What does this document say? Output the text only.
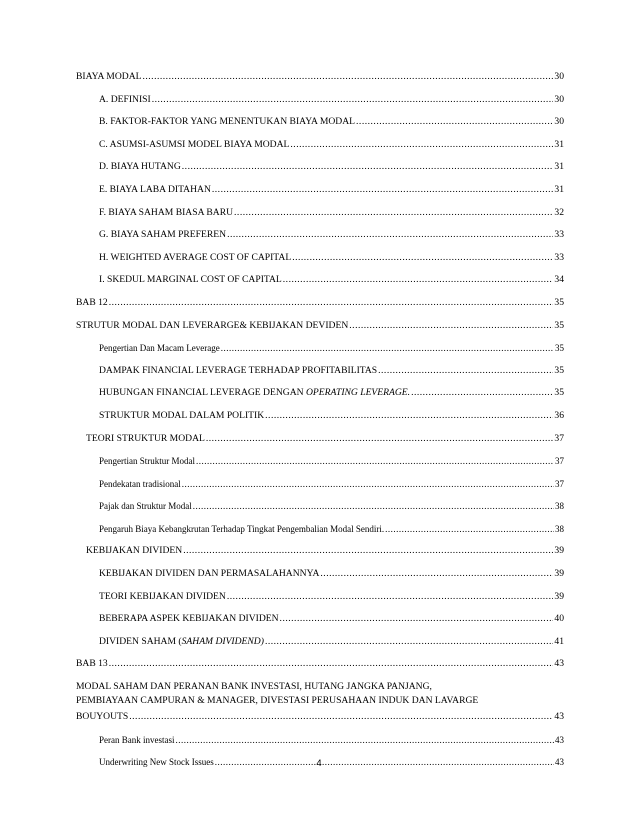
BIAYA MODAL .....	30
A. DEFINISI .....	30
B. FAKTOR-FAKTOR YANG MENENTUKAN BIAYA MODAL .....	30
C. ASUMSI-ASUMSI MODEL BIAYA MODAL .....	31
D. BIAYA HUTANG .....	31
E. BIAYA LABA DITAHAN .....	31
F. BIAYA SAHAM BIASA BARU .....	32
G. BIAYA SAHAM PREFEREN .....	33
H. WEIGHTED AVERAGE COST OF CAPITAL .....	33
I. SKEDUL MARGINAL COST OF CAPITAL .....	34
BAB 12 .....	35
STRUTUR MODAL DAN LEVERARGE& KEBIJAKAN DEVIDEN .....	35
Pengertian Dan Macam Leverage .....	35
DAMPAK FINANCIAL LEVERAGE TERHADAP PROFITABILITAS .....	35
HUBUNGAN FINANCIAL LEVERAGE DENGAN OPERATING LEVERAGE. .....	35
STRUKTUR MODAL DALAM POLITIK .....	36
TEORI STRUKTUR MODAL .....	37
Pengertian Struktur Modal .....	37
Pendekatan tradisional .....	37
Pajak dan Struktur Modal .....	38
Pengaruh Biaya Kebangkrutan Terhadap Tingkat Pengembalian Modal Sendiri. .....	38
KEBIJAKAN DIVIDEN .....	39
KEBIJAKAN DIVIDEN DAN PERMASALAHANNYA .....	39
TEORI KEBIJAKAN DIVIDEN .....	39
BEBERAPA ASPEK KEBIJAKAN DIVIDEN .....	40
DIVIDEN SAHAM (SAHAM DIVIDEND) .....	41
BAB 13 .....	43
MODAL SAHAM DAN PERANAN BANK INVESTASI, HUTANG JANGKA PANJANG,
PEMBIAYAAN CAMPURAN & MANAGER, DIVESTASI PERUSAHAAN INDUK DAN LAVARGE
BOUYOUTS .....	43
Peran Bank investasi .....	43
Underwriting New Stock Issues .....	43
4
